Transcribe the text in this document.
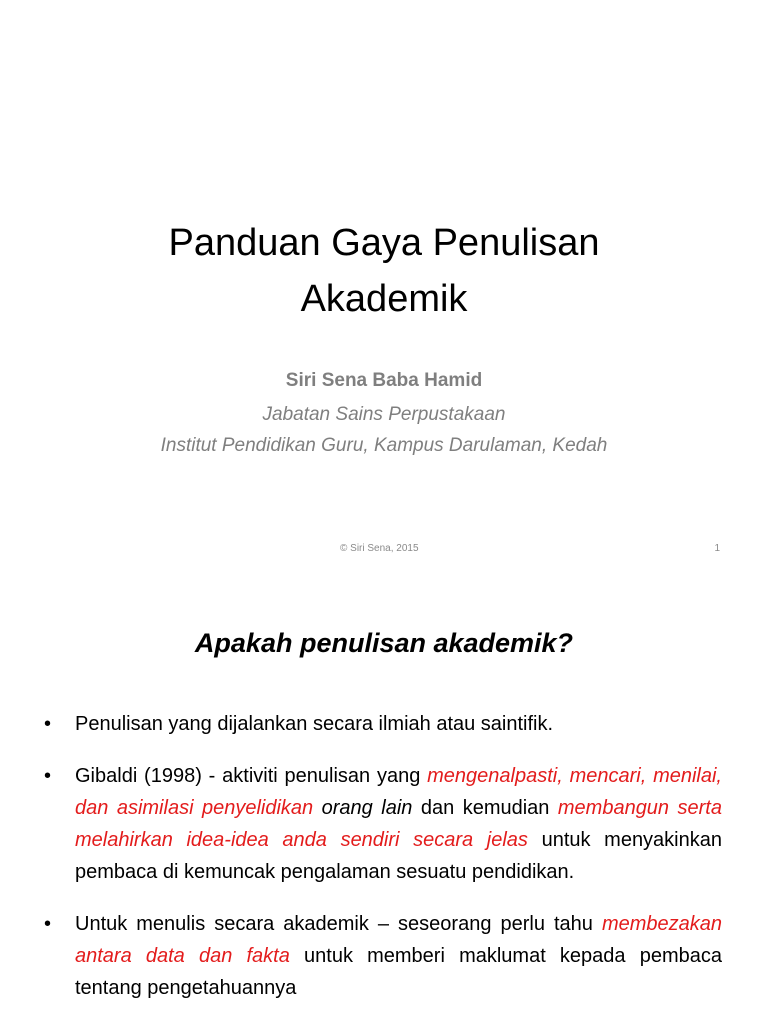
Panduan Gaya Penulisan
Akademik
Siri Sena Baba Hamid
Jabatan Sains Perpustakaan
Institut Pendidikan Guru, Kampus Darulaman, Kedah
© Siri Sena, 2015	1
Apakah penulisan akademik?
• Penulisan yang dijalankan secara ilmiah atau saintifik.
• Gibaldi (1998) - aktiviti penulisan yang mengenalpasti, mencari, menilai, dan asimilasi penyelidikan orang lain dan kemudian membangun serta melahirkan idea-idea anda sendiri secara jelas untuk menyakinkan pembaca di kemuncak pengalaman sesuatu pendidikan.
• Untuk menulis secara akademik – seseorang perlu tahu membezakan antara data dan fakta untuk memberi maklumat kepada pembaca tentang pengetahuannya
